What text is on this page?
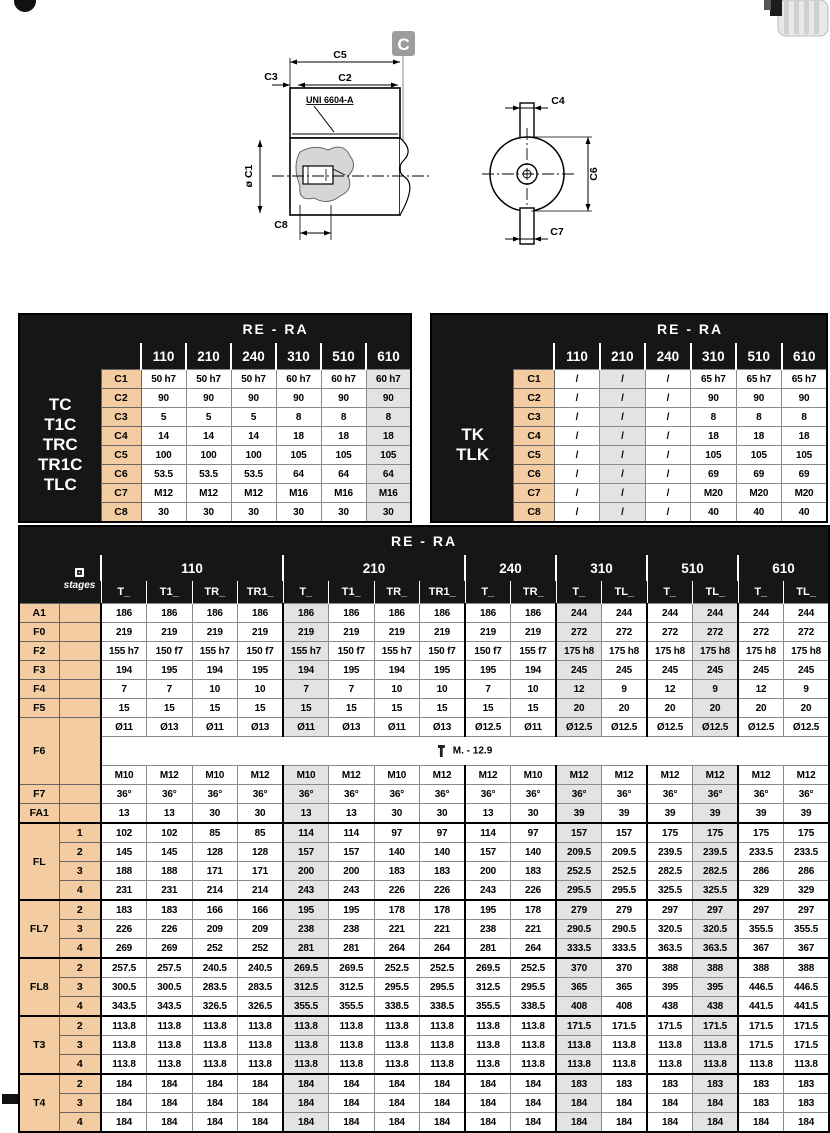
C
C5
C2
C3
UNI 6604-A
ø C1
C8
C4
C6
C7
		RE - RA					
		110	210	240	310	510	610
TC
T1C
TRC
TR1C
TLC	C1	50 h7	50 h7	50 h7	60 h7	60 h7	60 h7
	C2	90	90	90	90	90	90
	C3	5	5	5	8	8	8
	C4	14	14	14	18	18	18
	C5	100	100	100	105	105	105
	C6	53.5	53.5	53.5	64	64	64
	C7	M12	M12	M12	M16	M16	M16
	C8	30	30	30	30	30	30
		RE - RA					
		110	210	240	310	510	610
TK
TLK	C1	/	/	/	65 h7	65 h7	65 h7
	C2	/	/	/	90	90	90
	C3	/	/	/	8	8	8
	C4	/	/	/	18	18	18
	C5	/	/	/	105	105	105
	C6	/	/	/	69	69	69
	C7	/	/	/	M20	M20	M20
	C8	/	/	/	40	40	40
RE - RA																	

stages	110				210				240		310		510		610	
		T_	T1_	TR_	TR1_	T_	T1_	TR_	TR1_	T_	TR_	T_	TL_	T_	TL_	T_	TL_
A1		186	186	186	186	186	186	186	186	186	186	244	244	244	244	244	244
F0		219	219	219	219	219	219	219	219	219	219	272	272	272	272	272	272
F2		155 h7	150 f7	155 h7	150 f7	155 h7	150 f7	155 h7	150 f7	150 f7	155 f7	175 h8	175 h8	175 h8	175 h8	175 h8	175 h8
F3		194	195	194	195	194	195	194	195	195	194	245	245	245	245	245	245
F4		7	7	10	10	7	7	10	10	7	10	12	9	12	9	12	9
F5		15	15	15	15	15	15	15	15	15	15	20	20	20	20	20	20
F6		Ø11	Ø13	Ø11	Ø13	Ø11	Ø13	Ø11	Ø13	Ø12.5	Ø11	Ø12.5	Ø12.5	Ø12.5	Ø12.5	Ø12.5	Ø12.5
		M. - 12.9															
		M10	M12	M10	M12	M10	M12	M10	M12	M12	M10	M12	M12	M12	M12	M12	M12
F7		36°	36°	36°	36°	36°	36°	36°	36°	36°	36°	36°	36°	36°	36°	36°	36°
FA1		13	13	30	30	13	13	30	30	13	30	39	39	39	39	39	39
FL	1	102	102	85	85	114	114	97	97	114	97	157	157	175	175	175	175
	2	145	145	128	128	157	157	140	140	157	140	209.5	209.5	239.5	239.5	233.5	233.5
	3	188	188	171	171	200	200	183	183	200	183	252.5	252.5	282.5	282.5	286	286
	4	231	231	214	214	243	243	226	226	243	226	295.5	295.5	325.5	325.5	329	329
FL7	2	183	183	166	166	195	195	178	178	195	178	279	279	297	297	297	297
	3	226	226	209	209	238	238	221	221	238	221	290.5	290.5	320.5	320.5	355.5	355.5
	4	269	269	252	252	281	281	264	264	281	264	333.5	333.5	363.5	363.5	367	367
FL8	2	257.5	257.5	240.5	240.5	269.5	269.5	252.5	252.5	269.5	252.5	370	370	388	388	388	388
	3	300.5	300.5	283.5	283.5	312.5	312.5	295.5	295.5	312.5	295.5	365	365	395	395	446.5	446.5
	4	343.5	343.5	326.5	326.5	355.5	355.5	338.5	338.5	355.5	338.5	408	408	438	438	441.5	441.5
T3	2	113.8	113.8	113.8	113.8	113.8	113.8	113.8	113.8	113.8	113.8	171.5	171.5	171.5	171.5	171.5	171.5
	3	113.8	113.8	113.8	113.8	113.8	113.8	113.8	113.8	113.8	113.8	113.8	113.8	113.8	113.8	171.5	171.5
	4	113.8	113.8	113.8	113.8	113.8	113.8	113.8	113.8	113.8	113.8	113.8	113.8	113.8	113.8	113.8	113.8
T4	2	184	184	184	184	184	184	184	184	184	184	183	183	183	183	183	183
	3	184	184	184	184	184	184	184	184	184	184	184	184	184	184	183	183
	4	184	184	184	184	184	184	184	184	184	184	184	184	184	184	184	184
